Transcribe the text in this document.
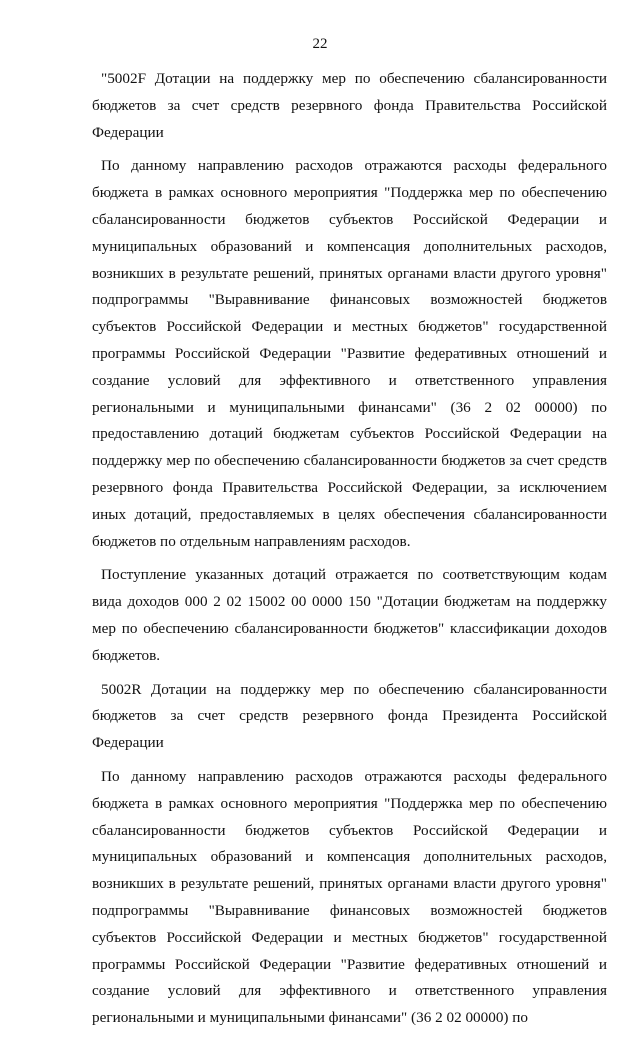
22

"5002F Дотации на поддержку мер по обеспечению сбалансированности бюджетов за счет средств резервного фонда Правительства Российской Федерации

По данному направлению расходов отражаются расходы федерального бюджета в рамках основного мероприятия "Поддержка мер по обеспечению сбалансированности бюджетов субъектов Российской Федерации и муниципальных образований и компенсация дополнительных расходов, возникших в результате решений, принятых органами власти другого уровня" подпрограммы "Выравнивание финансовых возможностей бюджетов субъектов Российской Федерации и местных бюджетов" государственной программы Российской Федерации "Развитие федеративных отношений и создание условий для эффективного и ответственного управления региональными и муниципальными финансами" (36 2 02 00000) по предоставлению дотаций бюджетам субъектов Российской Федерации на поддержку мер по обеспечению сбалансированности бюджетов за счет средств резервного фонда Правительства Российской Федерации, за исключением иных дотаций, предоставляемых в целях обеспечения сбалансированности бюджетов по отдельным направлениям расходов.

Поступление указанных дотаций отражается по соответствующим кодам вида доходов 000 2 02 15002 00 0000 150 "Дотации бюджетам на поддержку мер по обеспечению сбалансированности бюджетов" классификации доходов бюджетов.

5002R Дотации на поддержку мер по обеспечению сбалансированности бюджетов за счет средств резервного фонда Президента Российской Федерации

По данному направлению расходов отражаются расходы федерального бюджета в рамках основного мероприятия "Поддержка мер по обеспечению сбалансированности бюджетов субъектов Российской Федерации и муниципальных образований и компенсация дополнительных расходов, возникших в результате решений, принятых органами власти другого уровня" подпрограммы "Выравнивание финансовых возможностей бюджетов субъектов Российской Федерации и местных бюджетов" государственной программы Российской Федерации "Развитие федеративных отношений и создание условий для эффективного и ответственного управления региональными и муниципальными финансами" (36 2 02 00000) по
